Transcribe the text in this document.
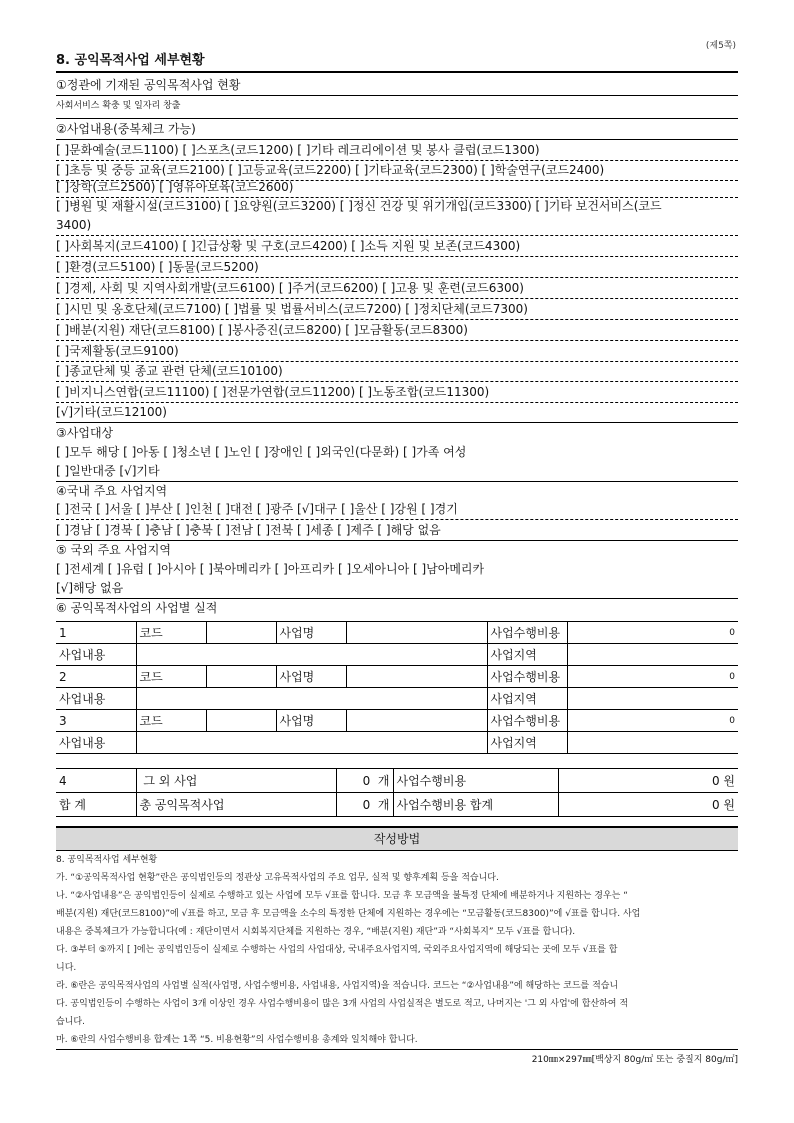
(제5쪽)
8. 공익목적사업 세부현황
①정관에 기재된 공익목적사업 현황
사회서비스 확충 및 일자리 창출
②사업내용(중복체크 가능)
[ ]문화예술(코드1100) [ ]스포츠(코드1200) [ ]기타 레크리에이션 및 봉사 클럽(코드1300)
[ ]초등 및 중등 교육(코드2100) [ ]고등교육(코드2200) [ ]기타교육(코드2300) [ ]학술연구(코드2400)
[ ]장학(코드2500) [ ]영유아보육(코드2600)
[ ]병원 및 재활시설(코드3100) [ ]요양원(코드3200) [ ]정신 건강 및 위기개입(코드3300) [ ]기타 보건서비스(코드
3400)
[ ]사회복지(코드4100) [ ]긴급상황 및 구호(코드4200) [ ]소득 지원 및 보존(코드4300)
[ ]환경(코드5100) [ ]동물(코드5200)
[ ]경제, 사회 및 지역사회개발(코드6100) [ ]주거(코드6200) [ ]고용 및 훈련(코드6300)
[ ]시민 및 옹호단체(코드7100) [ ]법률 및 법률서비스(코드7200) [ ]정치단체(코드7300)
[ ]배분(지원) 재단(코드8100) [ ]봉사증진(코드8200) [ ]모금활동(코드8300)
[ ]국제활동(코드9100)
[ ]종교단체 및 종교 관련 단체(코드10100)
[ ]비지니스연합(코드11100) [ ]전문가연합(코드11200) [ ]노동조합(코드11300)
[√]기타(코드12100)
③사업대상
[ ]모두 해당 [ ]아동 [ ]청소년 [ ]노인 [ ]장애인 [ ]외국인(다문화) [ ]가족 여성
[ ]일반대중 [√]기타
④국내 주요 사업지역
[ ]전국 [ ]서울 [ ]부산 [ ]인천 [ ]대전 [ ]광주 [√]대구 [ ]울산 [ ]강원 [ ]경기
[ ]경남 [ ]경북 [ ]충남 [ ]충북 [ ]전남 [ ]전북 [ ]세종 [ ]제주 [ ]해당 없음
⑤ 국외 주요 사업지역
[ ]전세계 [ ]유럽 [ ]아시아 [ ]북아메리카 [ ]아프리카 [ ]오세아니아 [ ]남아메리카
[√]해당 없음
⑥ 공익목적사업의 사업별 실적
1	코드		사업명		사업수행비용	0
사업내용					사업지역	
2	코드		사업명		사업수행비용	0
사업내용					사업지역	
3	코드		사업명		사업수행비용	0
사업내용					사업지역	
4	그 외 사업	0 개	사업수행비용	0 원
합 계	총 공익목적사업	0 개	사업수행비용 합계	0 원
작성방법
8. 공익목적사업 세부현황
가. “①공익목적사업 현황”란은 공익법인등의 정관상 고유목적사업의 주요 업무, 실적 및 향후계획 등을 적습니다.
나. “②사업내용”은 공익법인등이 실제로 수행하고 있는 사업에 모두 √표를 합니다. 모금 후 모금액을 불특정 단체에 배분하거나 지원하는 경우는 “
배분(지원) 재단(코드8100)”에 √표를 하고, 모금 후 모금액을 소수의 특정한 단체에 지원하는 경우에는 “모금활동(코드8300)”에 √표를 합니다. 사업
내용은 중복체크가 가능합니다(예 : 재단이면서 시회복지단체를 지원하는 경우, “배분(지원) 재단”과 “사회복지” 모두 √표를 합니다).
다. ③부터 ⑤까지 [ ]에는 공익법인등이 실제로 수행하는 사업의 사업대상, 국내주요사업지역, 국외주요사업지역에 해당되는 곳에 모두 √표를 합
니다.
라. ⑥란은 공익목적사업의 사업별 실적(사업명, 사업수행비용, 사업내용, 사업지역)을 적습니다. 코드는 “②사업내용”에 해당하는 코드를 적습니
다. 공익법인등이 수행하는 사업이 3개 이상인 경우 사업수행비용이 많은 3개 사업의 사업실적은 별도로 적고, 나머지는 '그 외 사업'에 합산하여 적
습니다.
마. ⑥란의 사업수행비용 합계는 1쪽 “5. 비용현황”의 사업수행비용 총계와 일치해야 합니다.
210㎜×297㎜[백상지 80g/㎡ 또는 중질지 80g/㎡]
